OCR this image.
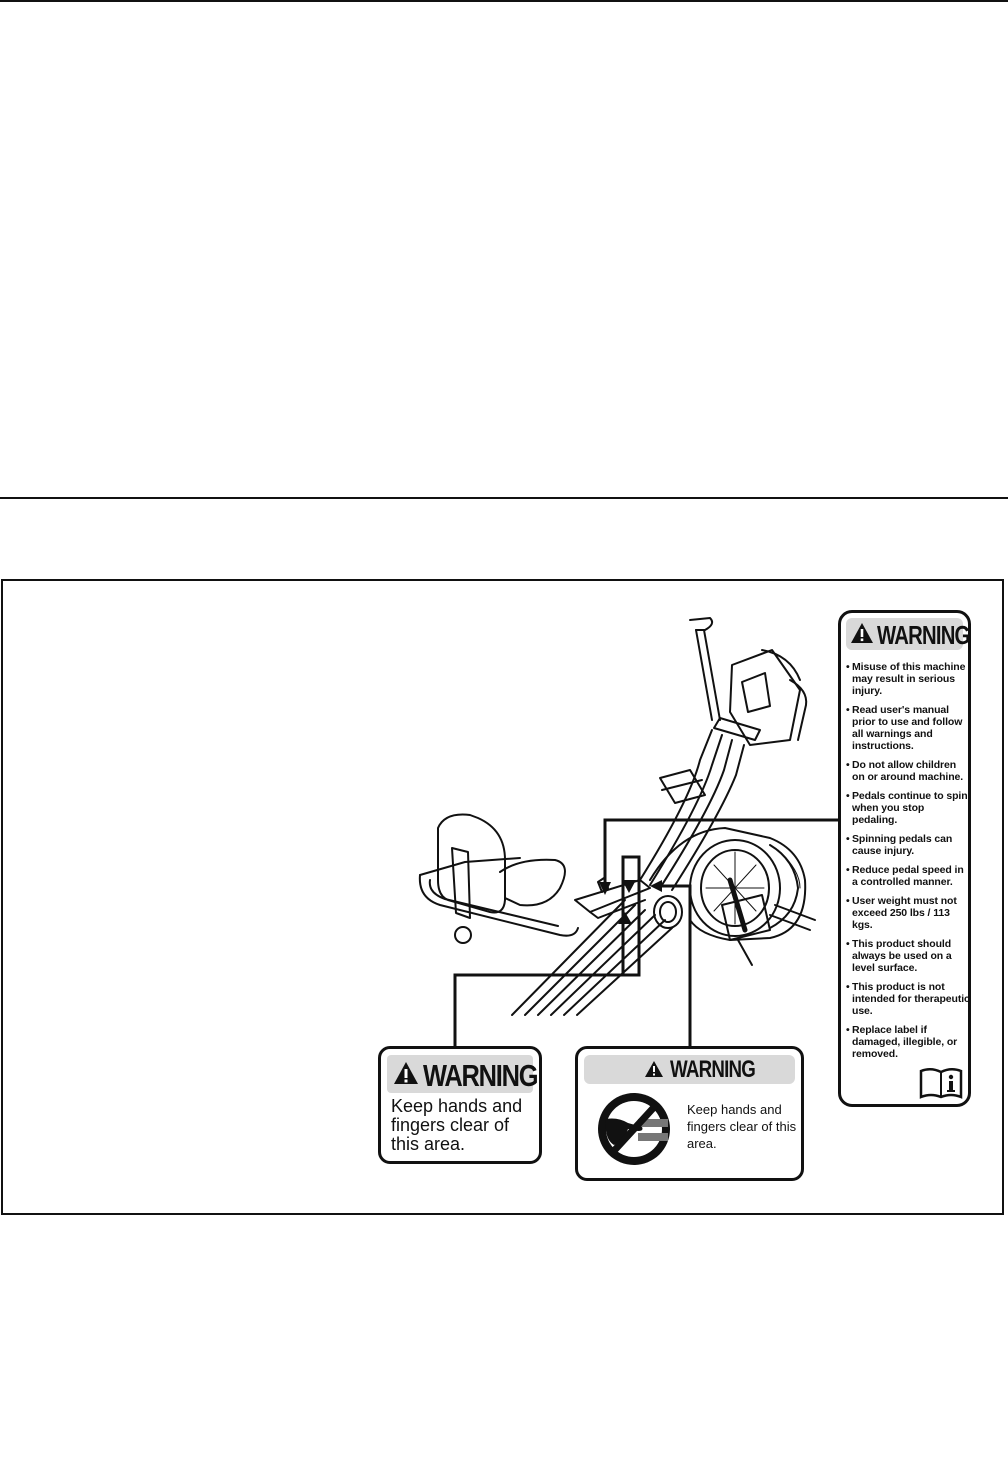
WARNING
Keep hands and fingers clear of this area.
WARNING
Keep hands and fingers clear of this area.
WARNING
• Misuse of this machine may result in serious injury.
• Read user's manual prior to use and follow all warnings and instructions.
• Do not allow children on or around machine.
• Pedals continue to spin when you stop pedaling.
• Spinning pedals can cause injury.
• Reduce pedal speed in a controlled manner.
• User weight must not exceed 250 lbs / 113 kgs.
• This product should always be used on a level surface.
• This product is not intended for therapeutic use.
• Replace label if damaged, illegible, or removed.
